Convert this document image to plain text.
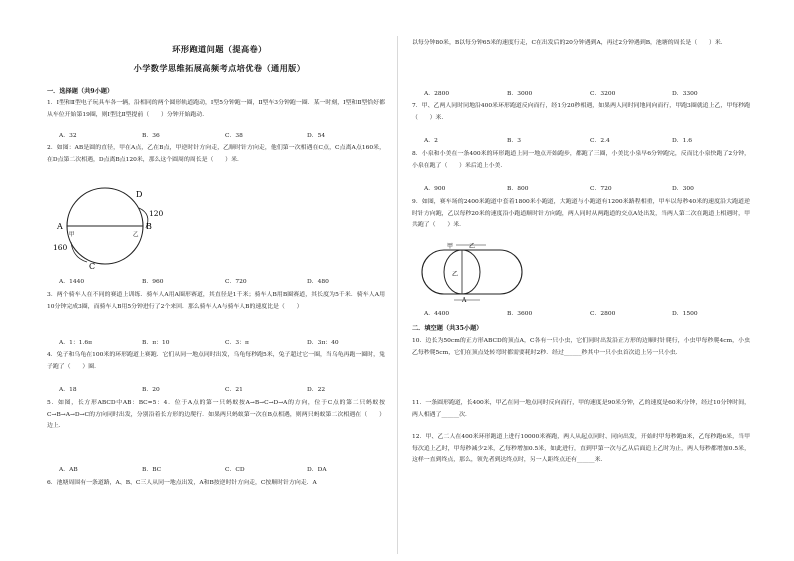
环形跑道问题（提高卷）
小学数学思维拓展高频考点培优卷（通用版）
一．选择题（共9小题）
1．Ⅰ型和Ⅱ型电子玩具车各一辆，沿相同的两个圆形轨道跑动，Ⅰ型5分钟跑一圈，Ⅱ型车3分钟跑一圈．某一时刻，Ⅰ型和Ⅱ型恰好都从车位开始第19圈，则Ⅰ型比Ⅱ型提前（　　）分钟开始跑动．
A．32	B．36	C．38	D．54
2．如图：AB是圆的直径，甲在A点，乙在B点，甲逆时针方向走，乙顺时针方向走，他们第一次相遇在C点，C点离A点160米，在D点第二次相遇，D点离B点120米，那么这个圆周的周长是（　　）米．
A	B
D
C
甲	乙
120
160
A．1440	B．960	C．720	D．480
3．两个骑车人在不同的赛道上训练．骑车人A用A圈形赛道，其直径是1千米；骑车人B用B圈赛道，其长度为5千米．骑车人A用10分钟完成3圈，而骑车人B用5分钟进行了2个来回．那么骑车人A与骑车人B的速度比是（　　）
A．1：1.6π	B．π：10	C．3：π	D．3π：40
4．兔子和乌龟在100米的环形跑道上赛跑．它们从同一地点同时出发，乌龟每秒跑5米，兔子超过它一圈，当乌龟再跑一圈时，兔子跑了（　　）圈．
A．18	B．20	C．21	D．22
5．如图，长方形ABCD中AB：BC=5：4．位于A点的第一只蚂蚁按A→B→C→D→A的方向，位于C点的第二只蚂蚁按C→B→A→D→C的方向同时出发，分别沿着长方形的边爬行．如果两只蚂蚁第一次在B点相遇，则两只蚂蚁第二次相遇在（　　）边上．
A．AB	B．BC	C．CD	D．DA
6．池塘周围有一条道路，A、B、C三人从同一地点出发，A和B按逆时针方向走，C按顺时针方向走．A
以每分钟80米，B以每分钟65米的速度行走，C在出发后的20分钟遇到A，再过2分钟遇到B，池塘的周长是（　　）米．
A．2800	B．3000	C．3200	D．3300
7．甲、乙两人同时同地沿400米环形跑道反向而行，经1分20秒相遇，如果两人同时同地同向而行，甲跑3圈就追上乙，甲每秒跑（　　）米．
A．2	B．3	C．2.4	D．1.6
8．小泉和小美在一条400米的环形跑道上同一地点开始跑步，都跑了三圈，小美比小泉早6分钟跑完，反而比小泉快跑了2分钟，小泉在跑了（　　）米后追上小美．
A．900	B．800	C．720	D．300
9．如图，赛车场的2400米跑道中套着1800米小跑道，大跑道与小跑道有1200米路程相重，甲车以每秒40米的速度沿大跑道逆时针方向跑，乙以每秒20米的速度沿小跑道顺时针方向跑，两人同时从两跑道的交点A处出发，当两人第二次在跑道上相遇时，甲共跑了（　　）米．
甲	乙
乙
A
A．4400	B．3600	C．2800	D．1500
二．填空题（共35小题）
10．边长为50cm的正方形ABCD的顶点A，C各有一只小虫，它们同时出发沿正方形的边顺时针爬行，小虫甲每秒爬4cm，小虫乙每秒爬5cm，它们在顶点处转弯时都需要耗时2秒．经过______秒其中一只小虫首次追上另一只小虫．
11．一条圆形跑道，长400米，甲乙在同一地点同时反向而行，甲的速度是90米分钟，乙的速度是60米/分钟，经过10分钟时间，两人相遇了______次．
12．甲、乙二人在400米环形跑道上进行10000米赛跑，两人从起点同时、同向出发，开始时甲每秒跑8米，乙每秒跑6米，当甲每次追上乙时，甲每秒减少2米，乙每秒增加0.5米，如此进行，直到甲第一次与乙从后面追上乙时为止，两人每秒都增加0.5米，这样一直到终点，那么，领先者到达终点时，另一人距终点还有______米．
